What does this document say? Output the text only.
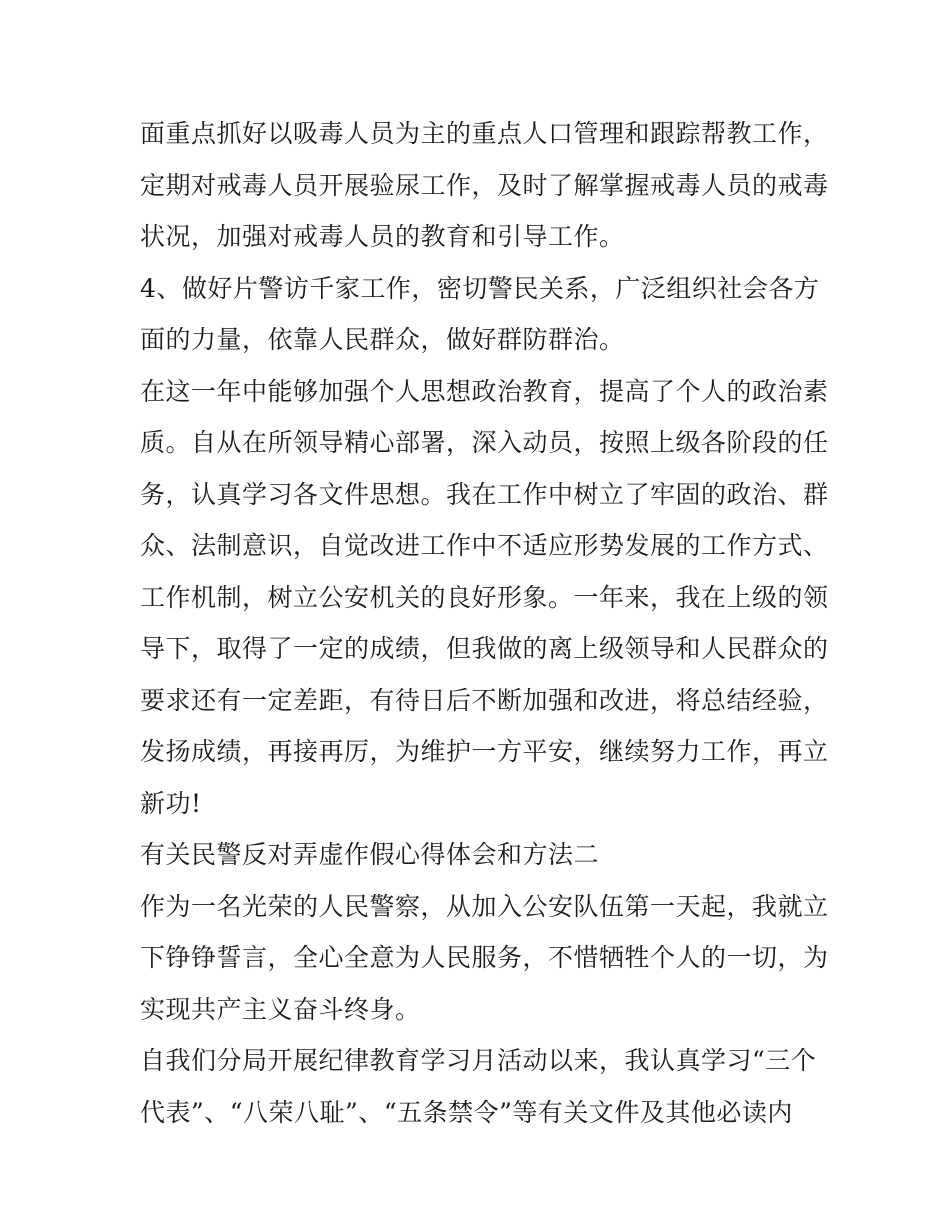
面重点抓好以吸毒人员为主的重点人口管理和跟踪帮教工作，
定期对戒毒人员开展验尿工作，及时了解掌握戒毒人员的戒毒
状况，加强对戒毒人员的教育和引导工作。
4、做好片警访千家工作，密切警民关系，广泛组织社会各方
面的力量，依靠人民群众，做好群防群治。
在这一年中能够加强个人思想政治教育，提高了个人的政治素
质。自从在所领导精心部署，深入动员，按照上级各阶段的任
务，认真学习各文件思想。我在工作中树立了牢固的政治、群
众、法制意识，自觉改进工作中不适应形势发展的工作方式、
工作机制，树立公安机关的良好形象。一年来，我在上级的领
导下，取得了一定的成绩，但我做的离上级领导和人民群众的
要求还有一定差距，有待日后不断加强和改进，将总结经验，
发扬成绩，再接再厉，为维护一方平安，继续努力工作，再立
新功!
有关民警反对弄虚作假心得体会和方法二
作为一名光荣的人民警察，从加入公安队伍第一天起，我就立
下铮铮誓言，全心全意为人民服务，不惜牺牲个人的一切，为
实现共产主义奋斗终身。
自我们分局开展纪律教育学习月活动以来，我认真学习“三个
代表”、“八荣八耻”、“五条禁令”等有关文件及其他必读内
